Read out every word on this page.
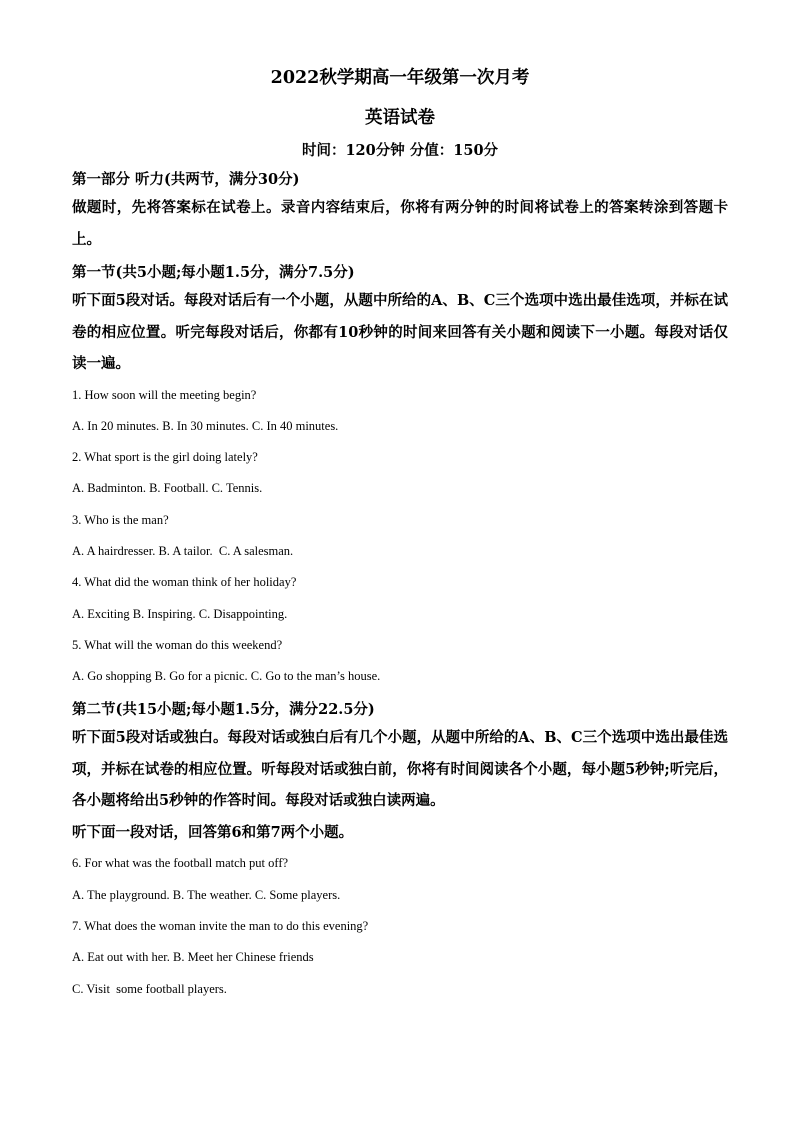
2022秋学期高一年级第一次月考

英语试卷

时间：120分钟 分值：150分

第一部分 听力(共两节，满分30分)

做题时，先将答案标在试卷上。录音内容结束后，你将有两分钟的时间将试卷上的答案转涂到答题卡上。

第一节(共5小题;每小题1.5分，满分7.5分)

听下面5段对话。每段对话后有一个小题，从题中所给的A、B、C三个选项中选出最佳选项，并标在试卷的相应位置。听完每段对话后，你都有10秒钟的时间来回答有关小题和阅读下一小题。每段对话仅读一遍。

1. How soon will the meeting begin?

A. In 20 minutes. B. In 30 minutes. C. In 40 minutes.

2. What sport is the girl doing lately?

A. Badminton. B. Football. C. Tennis.

3. Who is the man?

A. A hairdresser. B. A tailor.  C. A salesman.

4. What did the woman think of her holiday?

A. Exciting B. Inspiring. C. Disappointing.

5. What will the woman do this weekend?

A. Go shopping B. Go for a picnic. C. Go to the man’s house.

第二节(共15小题;每小题1.5分，满分22.5分)

听下面5段对话或独白。每段对话或独白后有几个小题，从题中所给的A、B、C三个选项中选出最佳选项，并标在试卷的相应位置。听每段对话或独白前，你将有时间阅读各个小题，每小题5秒钟;听完后，各小题将给出5秒钟的作答时间。每段对话或独白读两遍。

听下面一段对话，回答第6和第7两个小题。

6. For what was the football match put off?

A. The playground. B. The weather. C. Some players.

7. What does the woman invite the man to do this evening?

A. Eat out with her. B. Meet her Chinese friends

C. Visit  some football players.
